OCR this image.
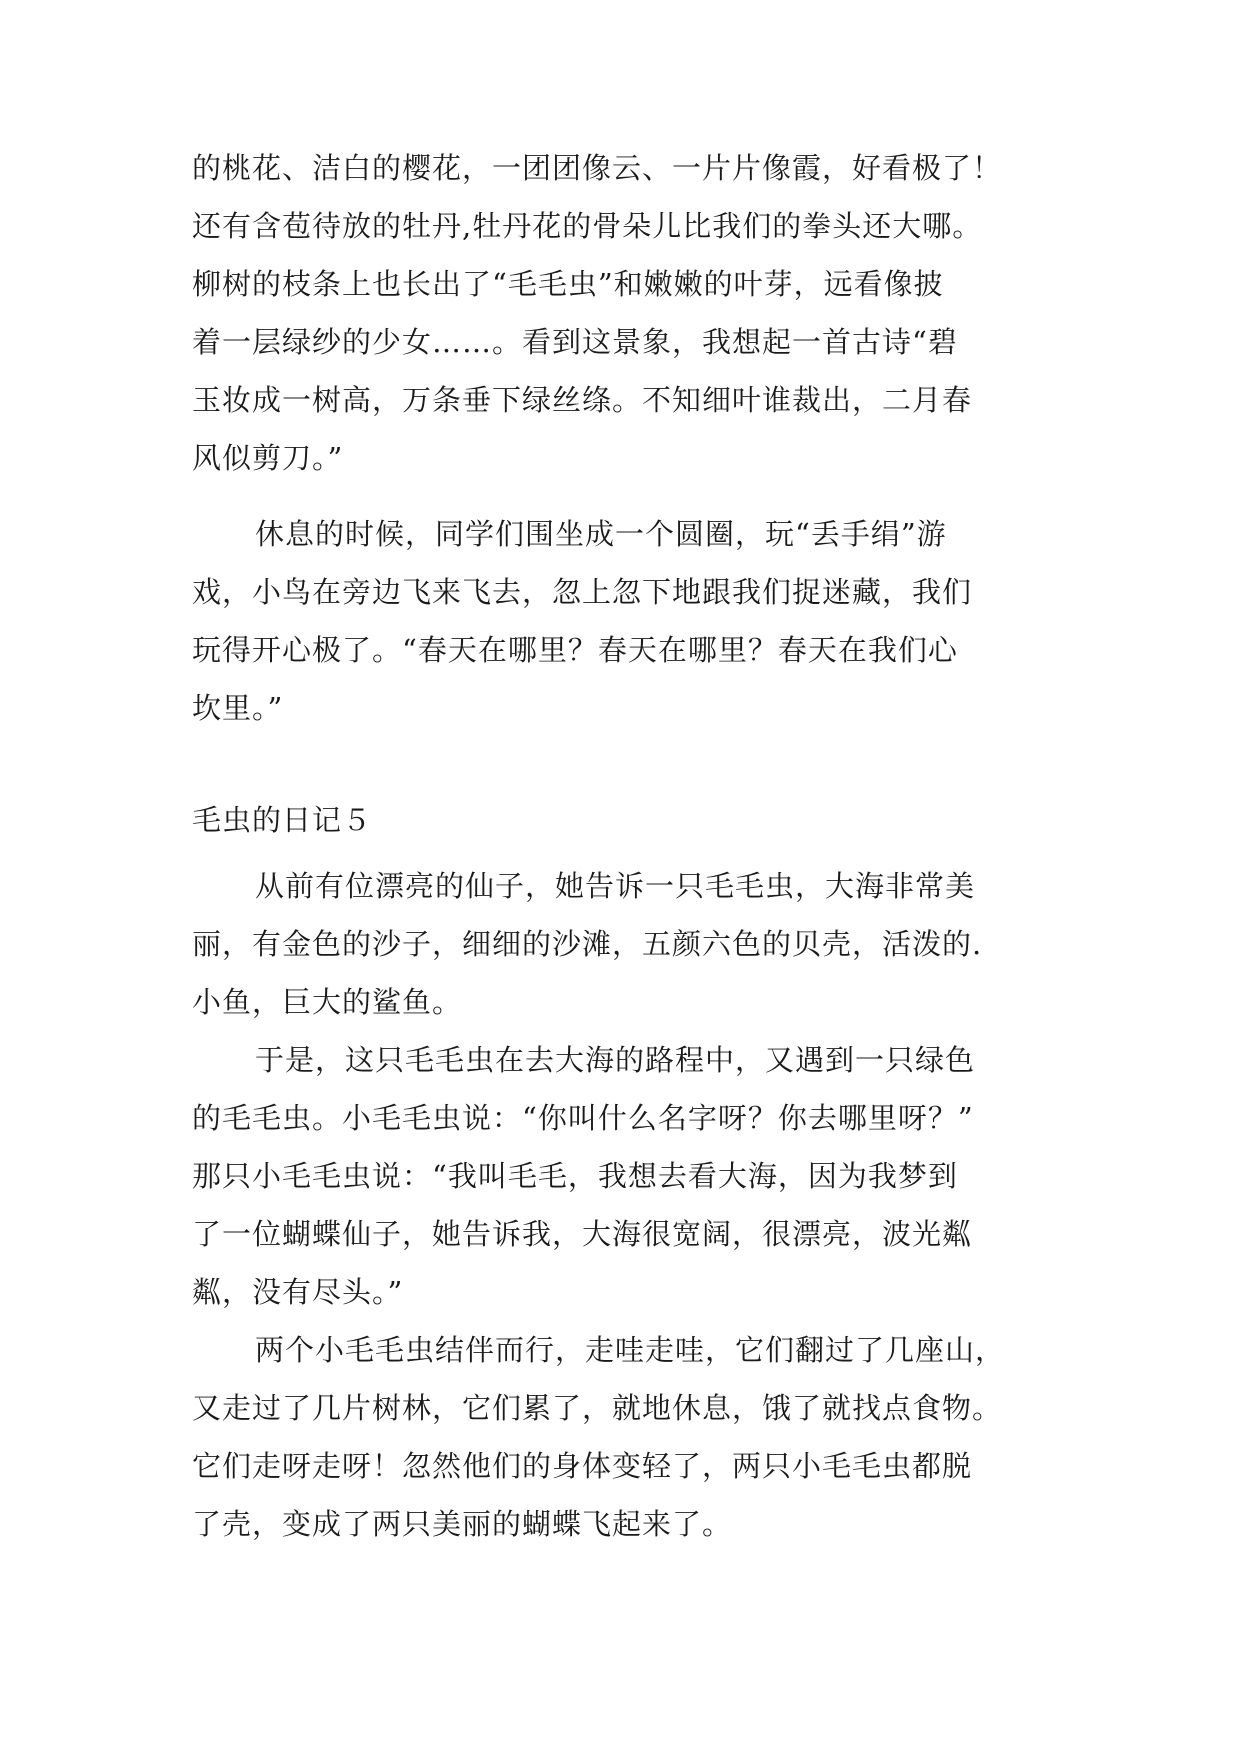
的桃花、洁白的樱花，一团团像云、一片片像霞，好看极了！
还有含苞待放的牡丹,牡丹花的骨朵儿比我们的拳头还大哪。
柳树的枝条上也长出了“毛毛虫”和嫩嫩的叶芽，远看像披
着一层绿纱的少女……。看到这景象，我想起一首古诗“碧
玉妆成一树高，万条垂下绿丝绦。不知细叶谁裁出，二月春
风似剪刀。”
休息的时候，同学们围坐成一个圆圈，玩“丢手绢”游
戏，小鸟在旁边飞来飞去，忽上忽下地跟我们捉迷藏，我们
玩得开心极了。“春天在哪里？春天在哪里？春天在我们心
坎里。”
毛虫的日记５
从前有位漂亮的仙子，她告诉一只毛毛虫，大海非常美
丽，有金色的沙子，细细的沙滩，五颜六色的贝壳，活泼的.
小鱼，巨大的鲨鱼。
于是，这只毛毛虫在去大海的路程中，又遇到一只绿色
的毛毛虫。小毛毛虫说：“你叫什么名字呀？你去哪里呀？”
那只小毛毛虫说：“我叫毛毛，我想去看大海，因为我梦到
了一位蝴蝶仙子，她告诉我，大海很宽阔，很漂亮，波光粼
粼，没有尽头。”
两个小毛毛虫结伴而行，走哇走哇，它们翻过了几座山，
又走过了几片树林，它们累了，就地休息，饿了就找点食物。
它们走呀走呀！忽然他们的身体变轻了，两只小毛毛虫都脱
了壳，变成了两只美丽的蝴蝶飞起来了。
